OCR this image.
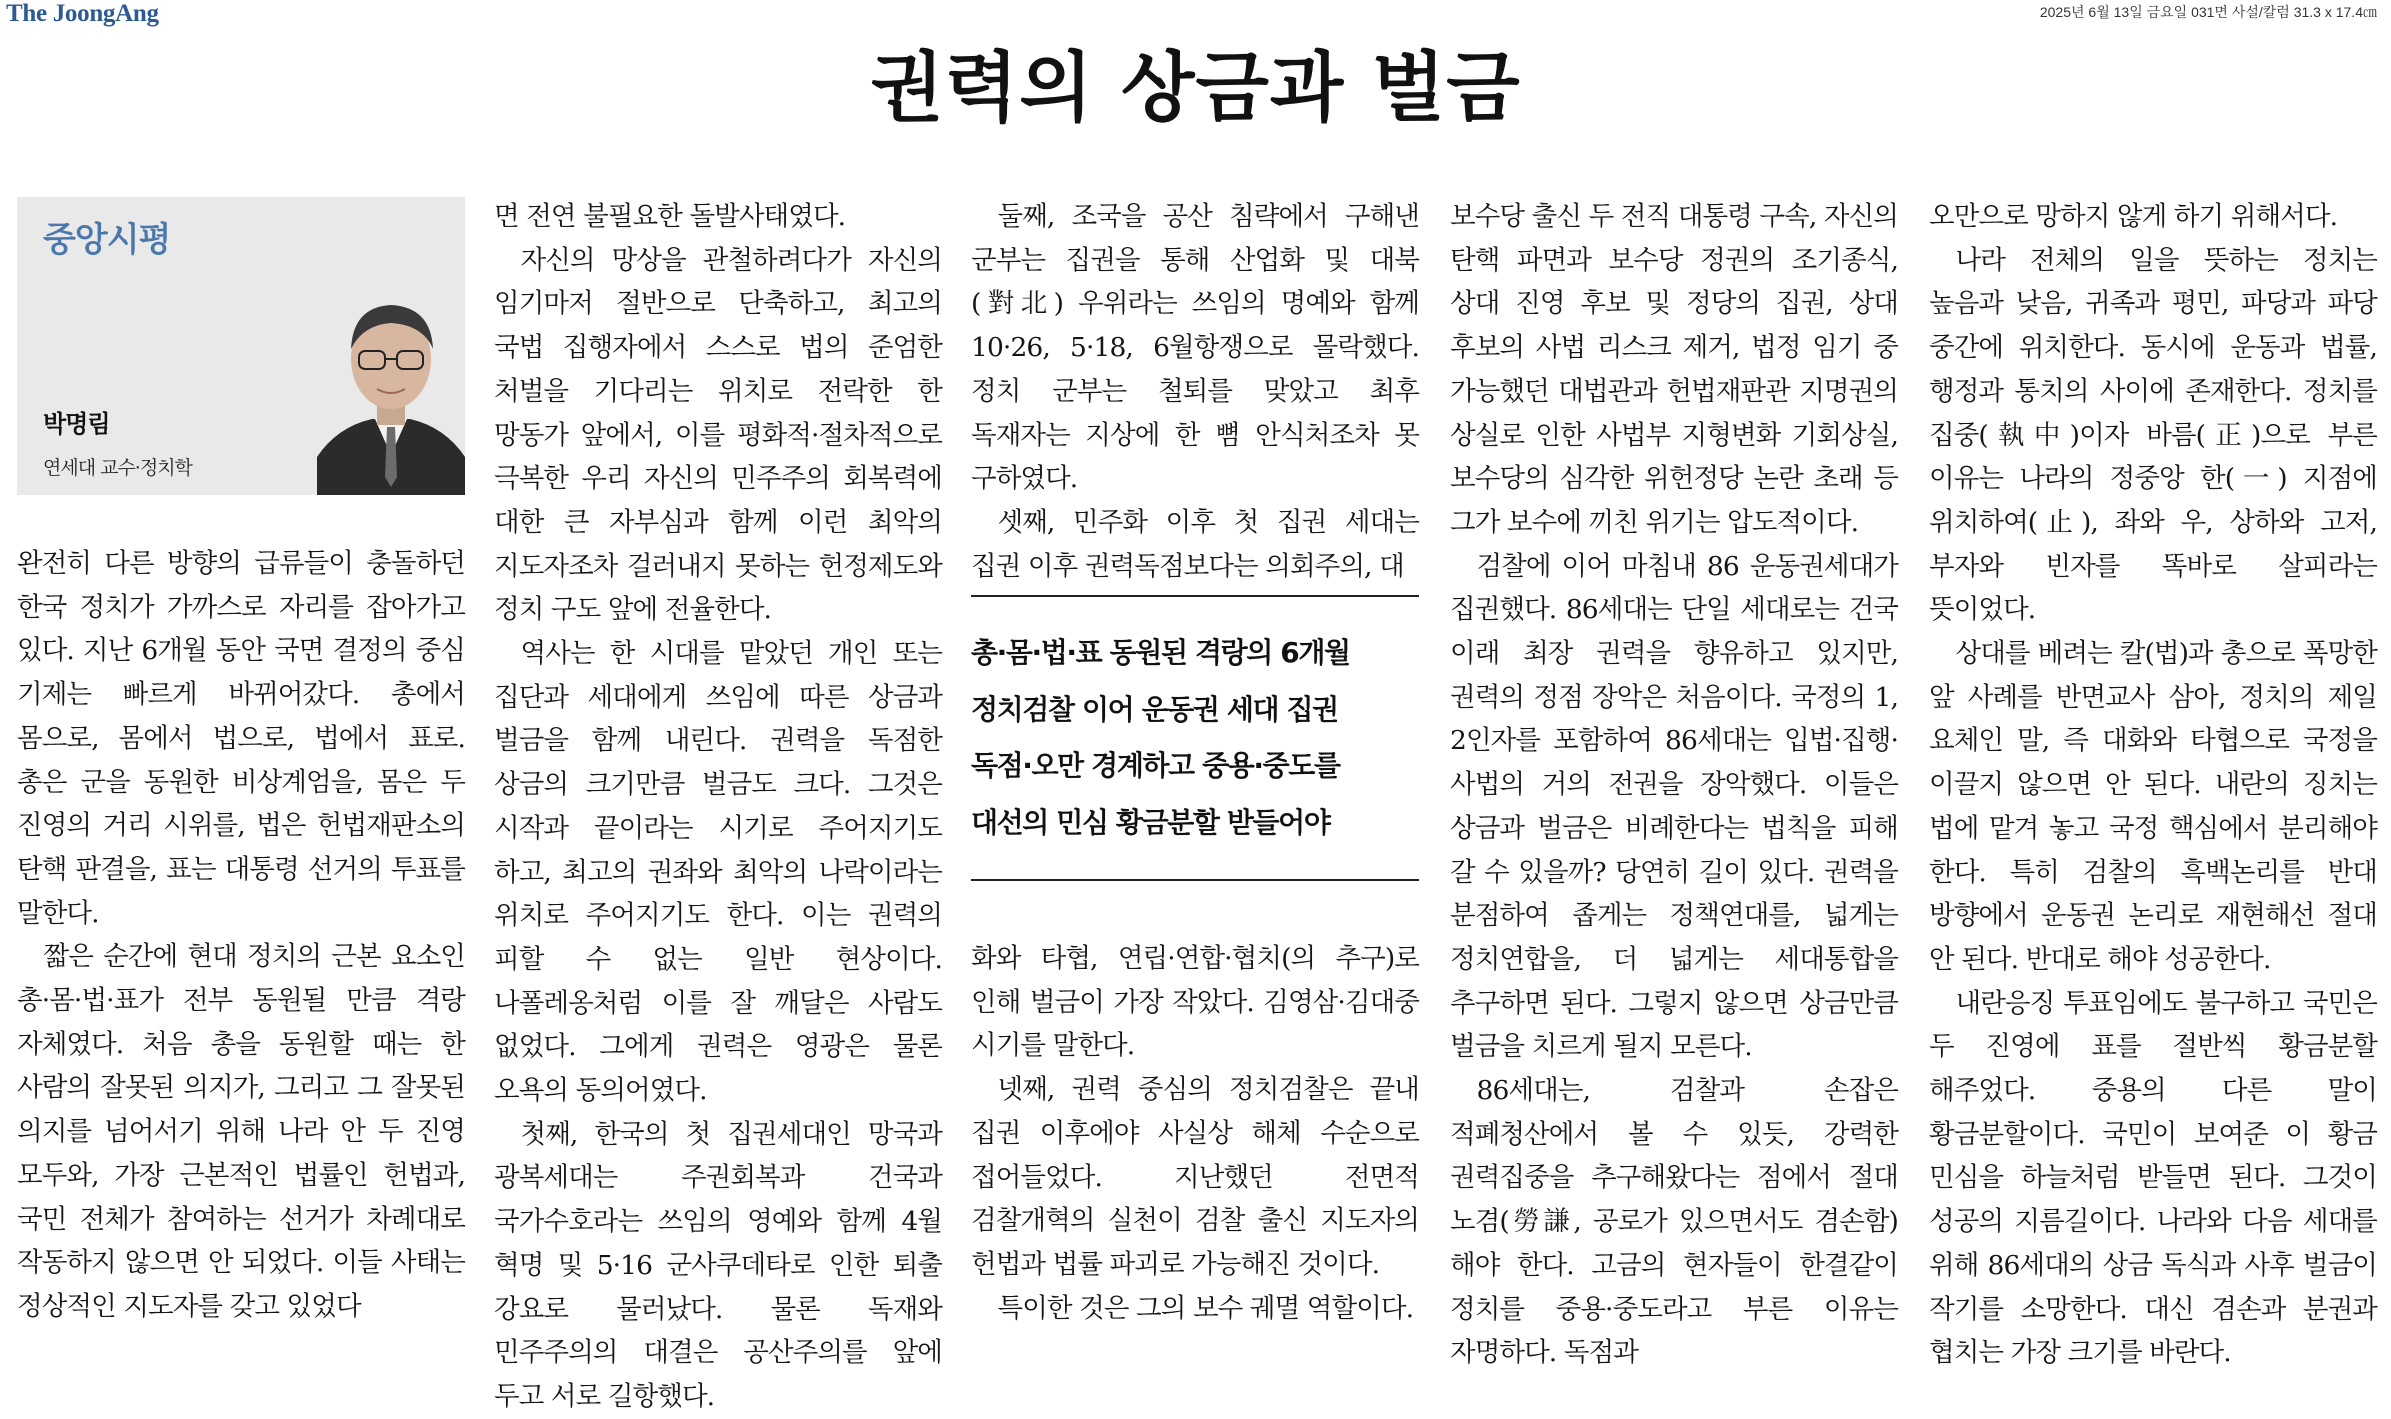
The JoongAng	2025년 6월 13일 금요일 031면 사설/칼럼 31.3 x 17.4㎝
권력의 상금과 벌금
중앙시평
박명림
연세대 교수·정치학

완전히 다른 방향의 급류들이 충돌하던 한국 정치가 가까스로 자리를 잡아가고 있다. 지난 6개월 동안 국면 결정의 중심 기제는 빠르게 바뀌어갔다. 총에서 몸으로, 몸에서 법으로, 법에서 표로. 총은 군을 동원한 비상계엄을, 몸은 두 진영의 거리 시위를, 법은 헌법재판소의 탄핵 판결을, 표는 대통령 선거의 투표를 말한다.

짧은 순간에 현대 정치의 근본 요소인 총·몸·법·표가 전부 동원될 만큼 격랑 자체였다. 처음 총을 동원할 때는 한 사람의 잘못된 의지가, 그리고 그 잘못된 의지를 넘어서기 위해 나라 안 두 진영 모두와, 가장 근본적인 법률인 헌법과, 국민 전체가 참여하는 선거가 차례대로 작동하지 않으면 안 되었다. 이들 사태는 정상적인 지도자를 갖고 있었다

면 전연 불필요한 돌발사태였다.

자신의 망상을 관철하려다가 자신의 임기마저 절반으로 단축하고, 최고의 국법 집행자에서 스스로 법의 준엄한 처벌을 기다리는 위치로 전락한 한 망동가 앞에서, 이를 평화적·절차적으로 극복한 우리 자신의 민주주의 회복력에 대한 큰 자부심과 함께 이런 최악의 지도자조차 걸러내지 못하는 헌정제도와 정치 구도 앞에 전율한다.

역사는 한 시대를 맡았던 개인 또는 집단과 세대에게 쓰임에 따른 상금과 벌금을 함께 내린다. 권력을 독점한 상금의 크기만큼 벌금도 크다. 그것은 시작과 끝이라는 시기로 주어지기도 하고, 최고의 권좌와 최악의 나락이라는 위치로 주어지기도 한다. 이는 권력의 피할 수 없는 일반 현상이다. 나폴레옹처럼 이를 잘 깨달은 사람도 없었다. 그에게 권력은 영광은 물론 오욕의 동의어였다.

첫째, 한국의 첫 집권세대인 망국과 광복세대는 주권회복과 건국과 국가수호라는 쓰임의 영예와 함께 4월 혁명 및 5·16 군사쿠데타로 인한 퇴출 강요로 물러났다. 물론 독재와 민주주의의 대결은 공산주의를 앞에 두고 서로 길항했다.

둘째, 조국을 공산 침략에서 구해낸 군부는 집권을 통해 산업화 및 대북(對北) 우위라는 쓰임의 명예와 함께 10·26, 5·18, 6월항쟁으로 몰락했다. 정치 군부는 철퇴를 맞았고 최후 독재자는 지상에 한 뼘 안식처조차 못 구하였다.

셋째, 민주화 이후 첫 집권 세대는 집권 이후 권력독점보다는 의회주의, 대

총·몸·법·표 동원된 격랑의 6개월
정치검찰 이어 운동권 세대 집권
독점·오만 경계하고 중용·중도를
대선의 민심 황금분할 받들어야

화와 타협, 연립·연합·협치(의 추구)로 인해 벌금이 가장 작았다. 김영삼·김대중 시기를 말한다.

넷째, 권력 중심의 정치검찰은 끝내 집권 이후에야 사실상 해체 수순으로 접어들었다. 지난했던 전면적 검찰개혁의 실천이 검찰 출신 지도자의 헌법과 법률 파괴로 가능해진 것이다.

특이한 것은 그의 보수 궤멸 역할이다.

보수당 출신 두 전직 대통령 구속, 자신의 탄핵 파면과 보수당 정권의 조기종식, 상대 진영 후보 및 정당의 집권, 상대 후보의 사법 리스크 제거, 법정 임기 중 가능했던 대법관과 헌법재판관 지명권의 상실로 인한 사법부 지형변화 기회상실, 보수당의 심각한 위헌정당 논란 초래 등 그가 보수에 끼친 위기는 압도적이다.

검찰에 이어 마침내 86 운동권세대가 집권했다. 86세대는 단일 세대로는 건국 이래 최장 권력을 향유하고 있지만, 권력의 정점 장악은 처음이다. 국정의 1, 2인자를 포함하여 86세대는 입법·집행·사법의 거의 전권을 장악했다. 이들은 상금과 벌금은 비례한다는 법칙을 피해 갈 수 있을까? 당연히 길이 있다. 권력을 분점하여 좁게는 정책연대를, 넓게는 정치연합을, 더 넓게는 세대통합을 추구하면 된다. 그렇지 않으면 상금만큼 벌금을 치르게 될지 모른다.

86세대는, 검찰과 손잡은 적폐청산에서 볼 수 있듯, 강력한 권력집중을 추구해왔다는 점에서 절대 노겸(勞謙, 공로가 있으면서도 겸손함)해야 한다. 고금의 현자들이 한결같이 정치를 중용·중도라고 부른 이유는 자명하다. 독점과

오만으로 망하지 않게 하기 위해서다.

나라 전체의 일을 뜻하는 정치는 높음과 낮음, 귀족과 평민, 파당과 파당 중간에 위치한다. 동시에 운동과 법률, 행정과 통치의 사이에 존재한다. 정치를 집중(執中)이자 바름(正)으로 부른 이유는 나라의 정중앙 한(一) 지점에 위치하여(止), 좌와 우, 상하와 고저, 부자와 빈자를 똑바로 살피라는 뜻이었다.

상대를 베려는 칼(법)과 총으로 폭망한 앞 사례를 반면교사 삼아, 정치의 제일 요체인 말, 즉 대화와 타협으로 국정을 이끌지 않으면 안 된다. 내란의 징치는 법에 맡겨 놓고 국정 핵심에서 분리해야 한다. 특히 검찰의 흑백논리를 반대 방향에서 운동권 논리로 재현해선 절대 안 된다. 반대로 해야 성공한다.

내란응징 투표임에도 불구하고 국민은 두 진영에 표를 절반씩 황금분할 해주었다. 중용의 다른 말이 황금분할이다. 국민이 보여준 이 황금 민심을 하늘처럼 받들면 된다. 그것이 성공의 지름길이다. 나라와 다음 세대를 위해 86세대의 상금 독식과 사후 벌금이 작기를 소망한다. 대신 겸손과 분권과 협치는 가장 크기를 바란다.
